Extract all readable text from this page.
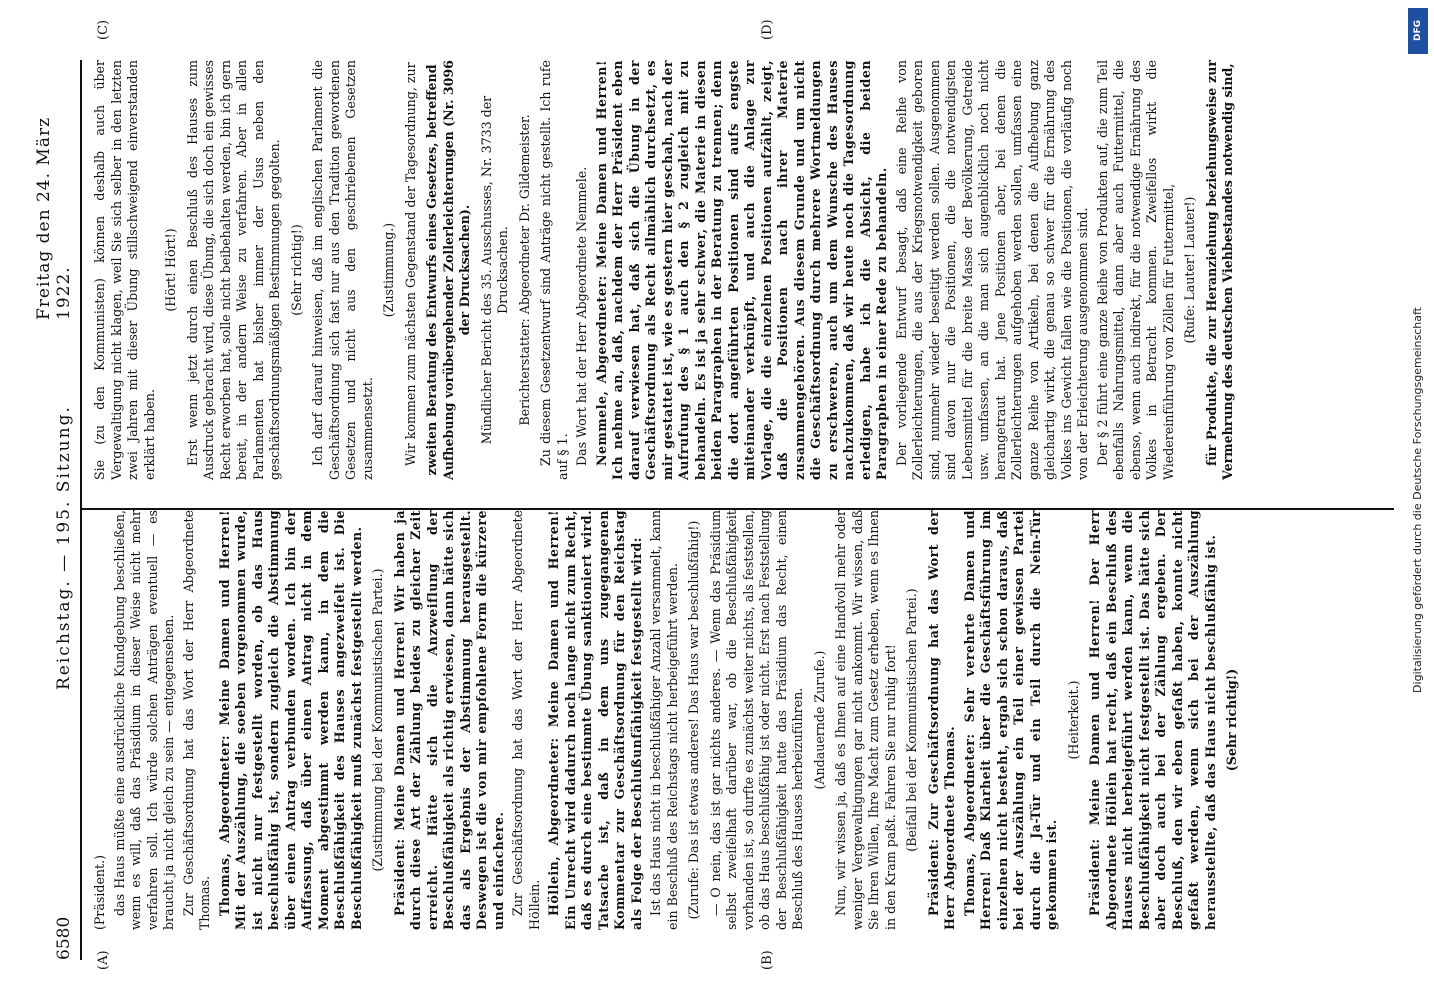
6580
Reichstag. — 195. Sitzung.
Freitag den 24. März 1922.
(A)	(B)
(C)	(D)

(Präsident.) das Haus müßte eine ausdrückliche Kundgebung beschließen, wenn es will, daß das Präsidium in dieser Weise nicht mehr verfahren soll. Ich würde solchen Anträgen eventuell — es braucht ja nicht gleich zu sein — entgegensehen. Zur Geschäftsordnung hat das Wort der Herr Abgeordnete Thomas. Thomas, Abgeordneter: Meine Damen und Herren! Mit der Auszählung, die soeben vorgenommen wurde, ist nicht nur festgestellt worden, ob das Haus beschlußfähig ist, sondern zugleich die Abstimmung über einen Antrag verbunden worden. Ich bin der Auffassung, daß über einen Antrag nicht in dem Moment abgestimmt werden kann, in dem die Beschlußfähigkeit des Hauses angezweifelt ist. Die Beschlußfähigkeit muß zunächst festgestellt werden. (Zustimmung bei der Kommunistischen Partei.) Präsident: Meine Damen und Herren! Wir haben ja durch diese Art der Zählung beides zu gleicher Zeit erreicht. Hätte sich die Anzweiflung der Beschlußfähigkeit als richtig erwiesen, dann hätte sich das als Ergebnis der Abstimmung herausgestellt. Deswegen ist die von mir empfohlene Form die kürzere und einfachere. Zur Geschäftsordnung hat das Wort der Herr Abgeordnete Höllein. Höllein, Abgeordneter: Meine Damen und Herren! Ein Unrecht wird dadurch noch lange nicht zum Recht, daß es durch eine bestimmte Übung sanktioniert wird. Tatsache ist, daß in dem uns zugegangenen Kommentar zur Geschäftsordnung für den Reichstag als Folge der Beschlußunfähigkeit festgestellt wird: Ist das Haus nicht in beschlußfähiger Anzahl versammelt, kann ein Beschluß des Reichstags nicht herbeigeführt werden. (Zurufe: Das ist etwas anderes! Das Haus war beschlußfähig!) — O nein, das ist gar nichts anderes. — Wenn das Präsidium selbst zweifelhaft darüber war, ob die Beschlußfähigkeit vorhanden ist, so durfte es zunächst weiter nichts, als feststellen, ob das Haus beschlußfähig ist oder nicht. Erst nach Feststellung der Beschlußfähigkeit hatte das Präsidium das Recht, einen Beschluß des Hauses herbeizuführen. (Andauernde Zurufe.) Nun, wir wissen ja, daß es Ihnen auf eine Handvoll mehr oder weniger Vergewaltigungen gar nicht ankommt. Wir wissen, daß Sie Ihren Willen, Ihre Macht zum Gesetz erheben, wenn es Ihnen in den Kram paßt. Fahren Sie nur ruhig fort! (Beifall bei der Kommunistischen Partei.) Präsident: Zur Geschäftsordnung hat das Wort der Herr Abgeordnete Thomas. Thomas, Abgeordneter: Sehr verehrte Damen und Herren! Daß Klarheit über die Geschäftsführung im einzelnen nicht besteht, ergab sich schon daraus, daß bei der Auszählung ein Teil einer gewissen Partei durch die Ja-Tür und ein Teil durch die Nein-Tür gekommen ist.

(Heiterkeit.) Präsident: Meine Damen und Herren! Der Herr Abgeordnete Höllein hat recht, daß ein Beschluß des Hauses nicht herbeigeführt werden kann, wenn die Beschlußfähigkeit nicht festgestellt ist. Das hätte sich aber doch auch bei der Zählung ergeben. Der Beschluß, den wir eben gefaßt haben, konnte nicht gefaßt werden, wenn sich bei der Auszählung herausstellte, daß das Haus nicht beschlußfähig ist. (Sehr richtig!)

Sie (zu den Kommunisten) können deshalb auch über Vergewaltigung nicht klagen, weil Sie sich selber in den letzten zwei Jahren mit dieser Übung stillschweigend einverstanden erklärt haben.

(Hört! Hört!) Erst wenn jetzt durch einen Beschluß des Hauses zum Ausdruck gebracht wird, diese Übung, die sich doch ein gewisses Recht erworben hat, solle nicht beibehalten werden, bin ich gern bereit, in der andern Weise zu verfahren. Aber in allen Parlamenten hat bisher immer der Usus neben den geschäftsordnungsmäßigen Bestimmungen gegolten. (Sehr richtig!) Ich darf darauf hinweisen, daß im englischen Parlament die Geschäftsordnung sich fast nur aus den Tradition gewordenen Gesetzen und nicht aus den geschriebenen Gesetzen zusammensetzt.

(Zustimmung.) Wir kommen zum nächsten Gegenstand der Tagesordnung, zur zweiten Beratung des Entwurfs eines Gesetzes, betreffend Aufhebung vorübergehender Zollerleichterungen (Nr. 3096 der Drucksachen). Mündlicher Bericht des 35. Ausschusses, Nr. 3733 der Drucksachen. Berichterstatter: Abgeordneter Dr. Gildemeister. Zu diesem Gesetzentwurf sind Anträge nicht gestellt. Ich rufe auf § 1. Das Wort hat der Herr Abgeordnete Nemmele. Nemmele, Abgeordneter: Meine Damen und Herren! Ich nehme an, daß, nachdem der Herr Präsident eben darauf verwiesen hat, daß sich die Übung in der Geschäftsordnung als Recht allmählich durchsetzt, es mir gestattet ist, wie es gestern hier geschah, nach der Aufrufung des § 1 auch den § 2 zugleich mit zu behandeln. Es ist ja sehr schwer, die Materie in diesen beiden Paragraphen in der Beratung zu trennen; denn die dort angeführten Positionen sind aufs engste miteinander verknüpft, und auch die Anlage zur Vorlage, die die einzelnen Positionen aufzählt, zeigt, daß die Positionen nach ihrer Materie zusammengehören. Aus diesem Grunde und um nicht die Geschäftsordnung durch mehrere Wortmeldungen zu erschweren, auch um dem Wunsche des Hauses nachzukommen, daß wir heute noch die Tagesordnung erledigen, habe ich die Absicht, die beiden Paragraphen in einer Rede zu behandeln. Der vorliegende Entwurf besagt, daß eine Reihe von Zollerleichterungen, die aus der Kriegsnotwendigkeit geboren sind, nunmehr wieder beseitigt werden sollen. Ausgenommen sind davon nur die Positionen, die die notwendigsten Lebensmittel für die breite Masse der Bevölkerung, Getreide usw. umfassen, an die man sich augenblicklich noch nicht herangetraut hat. Jene Positionen aber, bei denen die Zollerleichterungen aufgehoben werden sollen, umfassen eine ganze Reihe von Artikeln, bei denen die Aufhebung ganz gleichartig wirkt, die genau so schwer für die Ernährung des Volkes ins Gewicht fallen wie die Positionen, die vorläufig noch von der Erleichterung ausgenommen sind. Der § 2 führt eine ganze Reihe von Produkten auf, die zum Teil ebenfalls Nahrungsmittel, dann aber auch Futtermittel, die ebenso, wenn auch indirekt, für die notwendige Ernährung des Volkes in Betracht kommen. Zweifellos wirkt die Wiedereinführung von Zöllen für Futtermittel, (Rufe: Lauter! Lauter!) für Produkte, die zur Heranziehung beziehungsweise zur Vermehrung des deutschen Viehbestandes notwendig sind,

Digitalisierung gefördert durch die Deutsche Forschungsgemeinschaft
DFG
